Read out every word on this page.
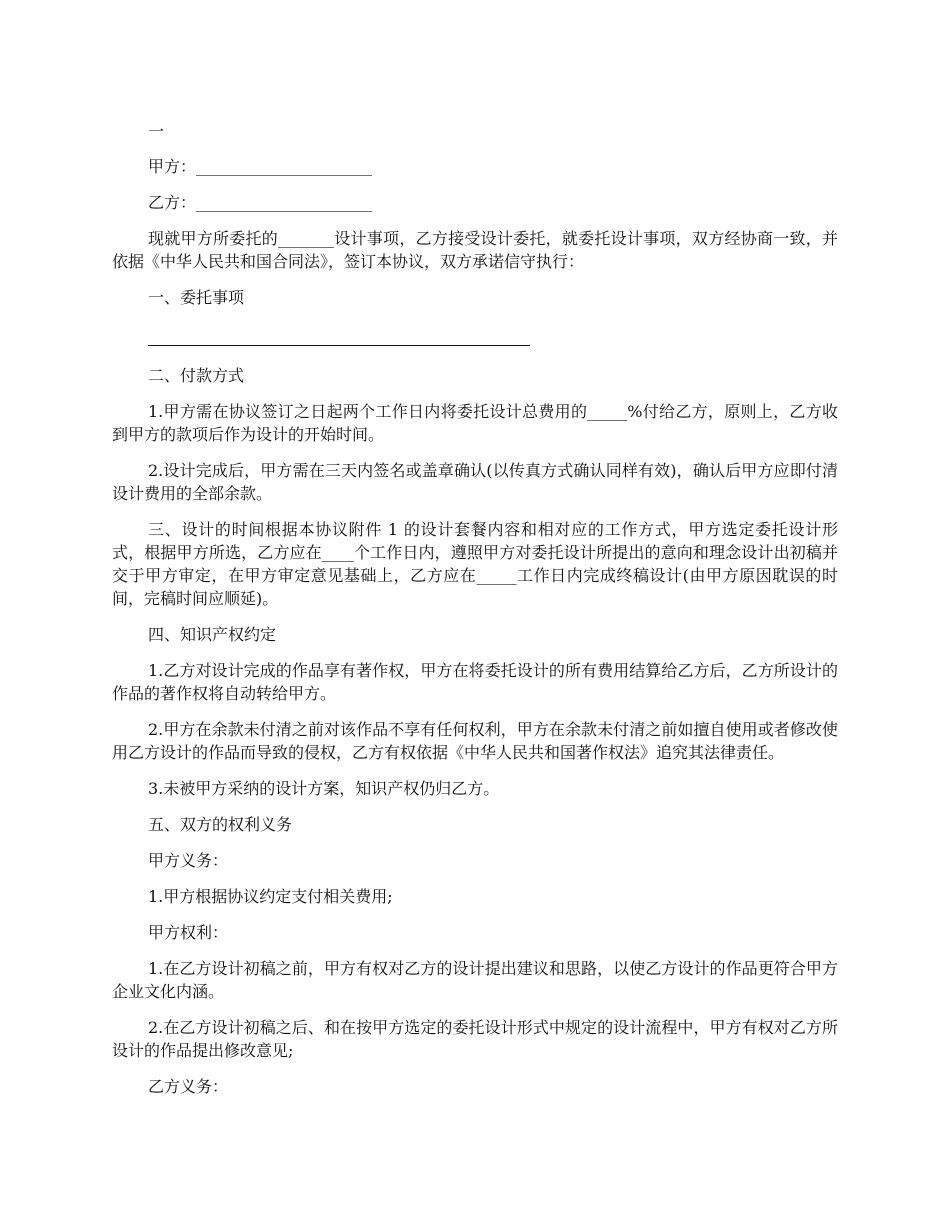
一

甲方：______________________

乙方：______________________

现就甲方所委托的_______设计事项，乙方接受设计委托，就委托设计事项，双方经协商一致，并依据《中华人民共和国合同法》，签订本协议，双方承诺信守执行：

一、委托事项

二、付款方式

1.甲方需在协议签订之日起两个工作日内将委托设计总费用的_____%付给乙方，原则上，乙方收到甲方的款项后作为设计的开始时间。

2.设计完成后，甲方需在三天内签名或盖章确认(以传真方式确认同样有效)，确认后甲方应即付清设计费用的全部余款。

三、设计的时间根据本协议附件 1 的设计套餐内容和相对应的工作方式，甲方选定委托设计形式，根据甲方所选，乙方应在____个工作日内，遵照甲方对委托设计所提出的意向和理念设计出初稿并交于甲方审定，在甲方审定意见基础上，乙方应在_____工作日内完成终稿设计(由甲方原因耽误的时间，完稿时间应顺延)。

四、知识产权约定

1.乙方对设计完成的作品享有著作权，甲方在将委托设计的所有费用结算给乙方后，乙方所设计的作品的著作权将自动转给甲方。

2.甲方在余款未付清之前对该作品不享有任何权利，甲方在余款未付清之前如擅自使用或者修改使用乙方设计的作品而导致的侵权，乙方有权依据《中华人民共和国著作权法》追究其法律责任。

3.未被甲方采纳的设计方案，知识产权仍归乙方。

五、双方的权利义务

甲方义务：

1.甲方根据协议约定支付相关费用;

甲方权利：

1.在乙方设计初稿之前，甲方有权对乙方的设计提出建议和思路，以使乙方设计的作品更符合甲方企业文化内涵。

2.在乙方设计初稿之后、和在按甲方选定的委托设计形式中规定的设计流程中，甲方有权对乙方所设计的作品提出修改意见;

乙方义务：
